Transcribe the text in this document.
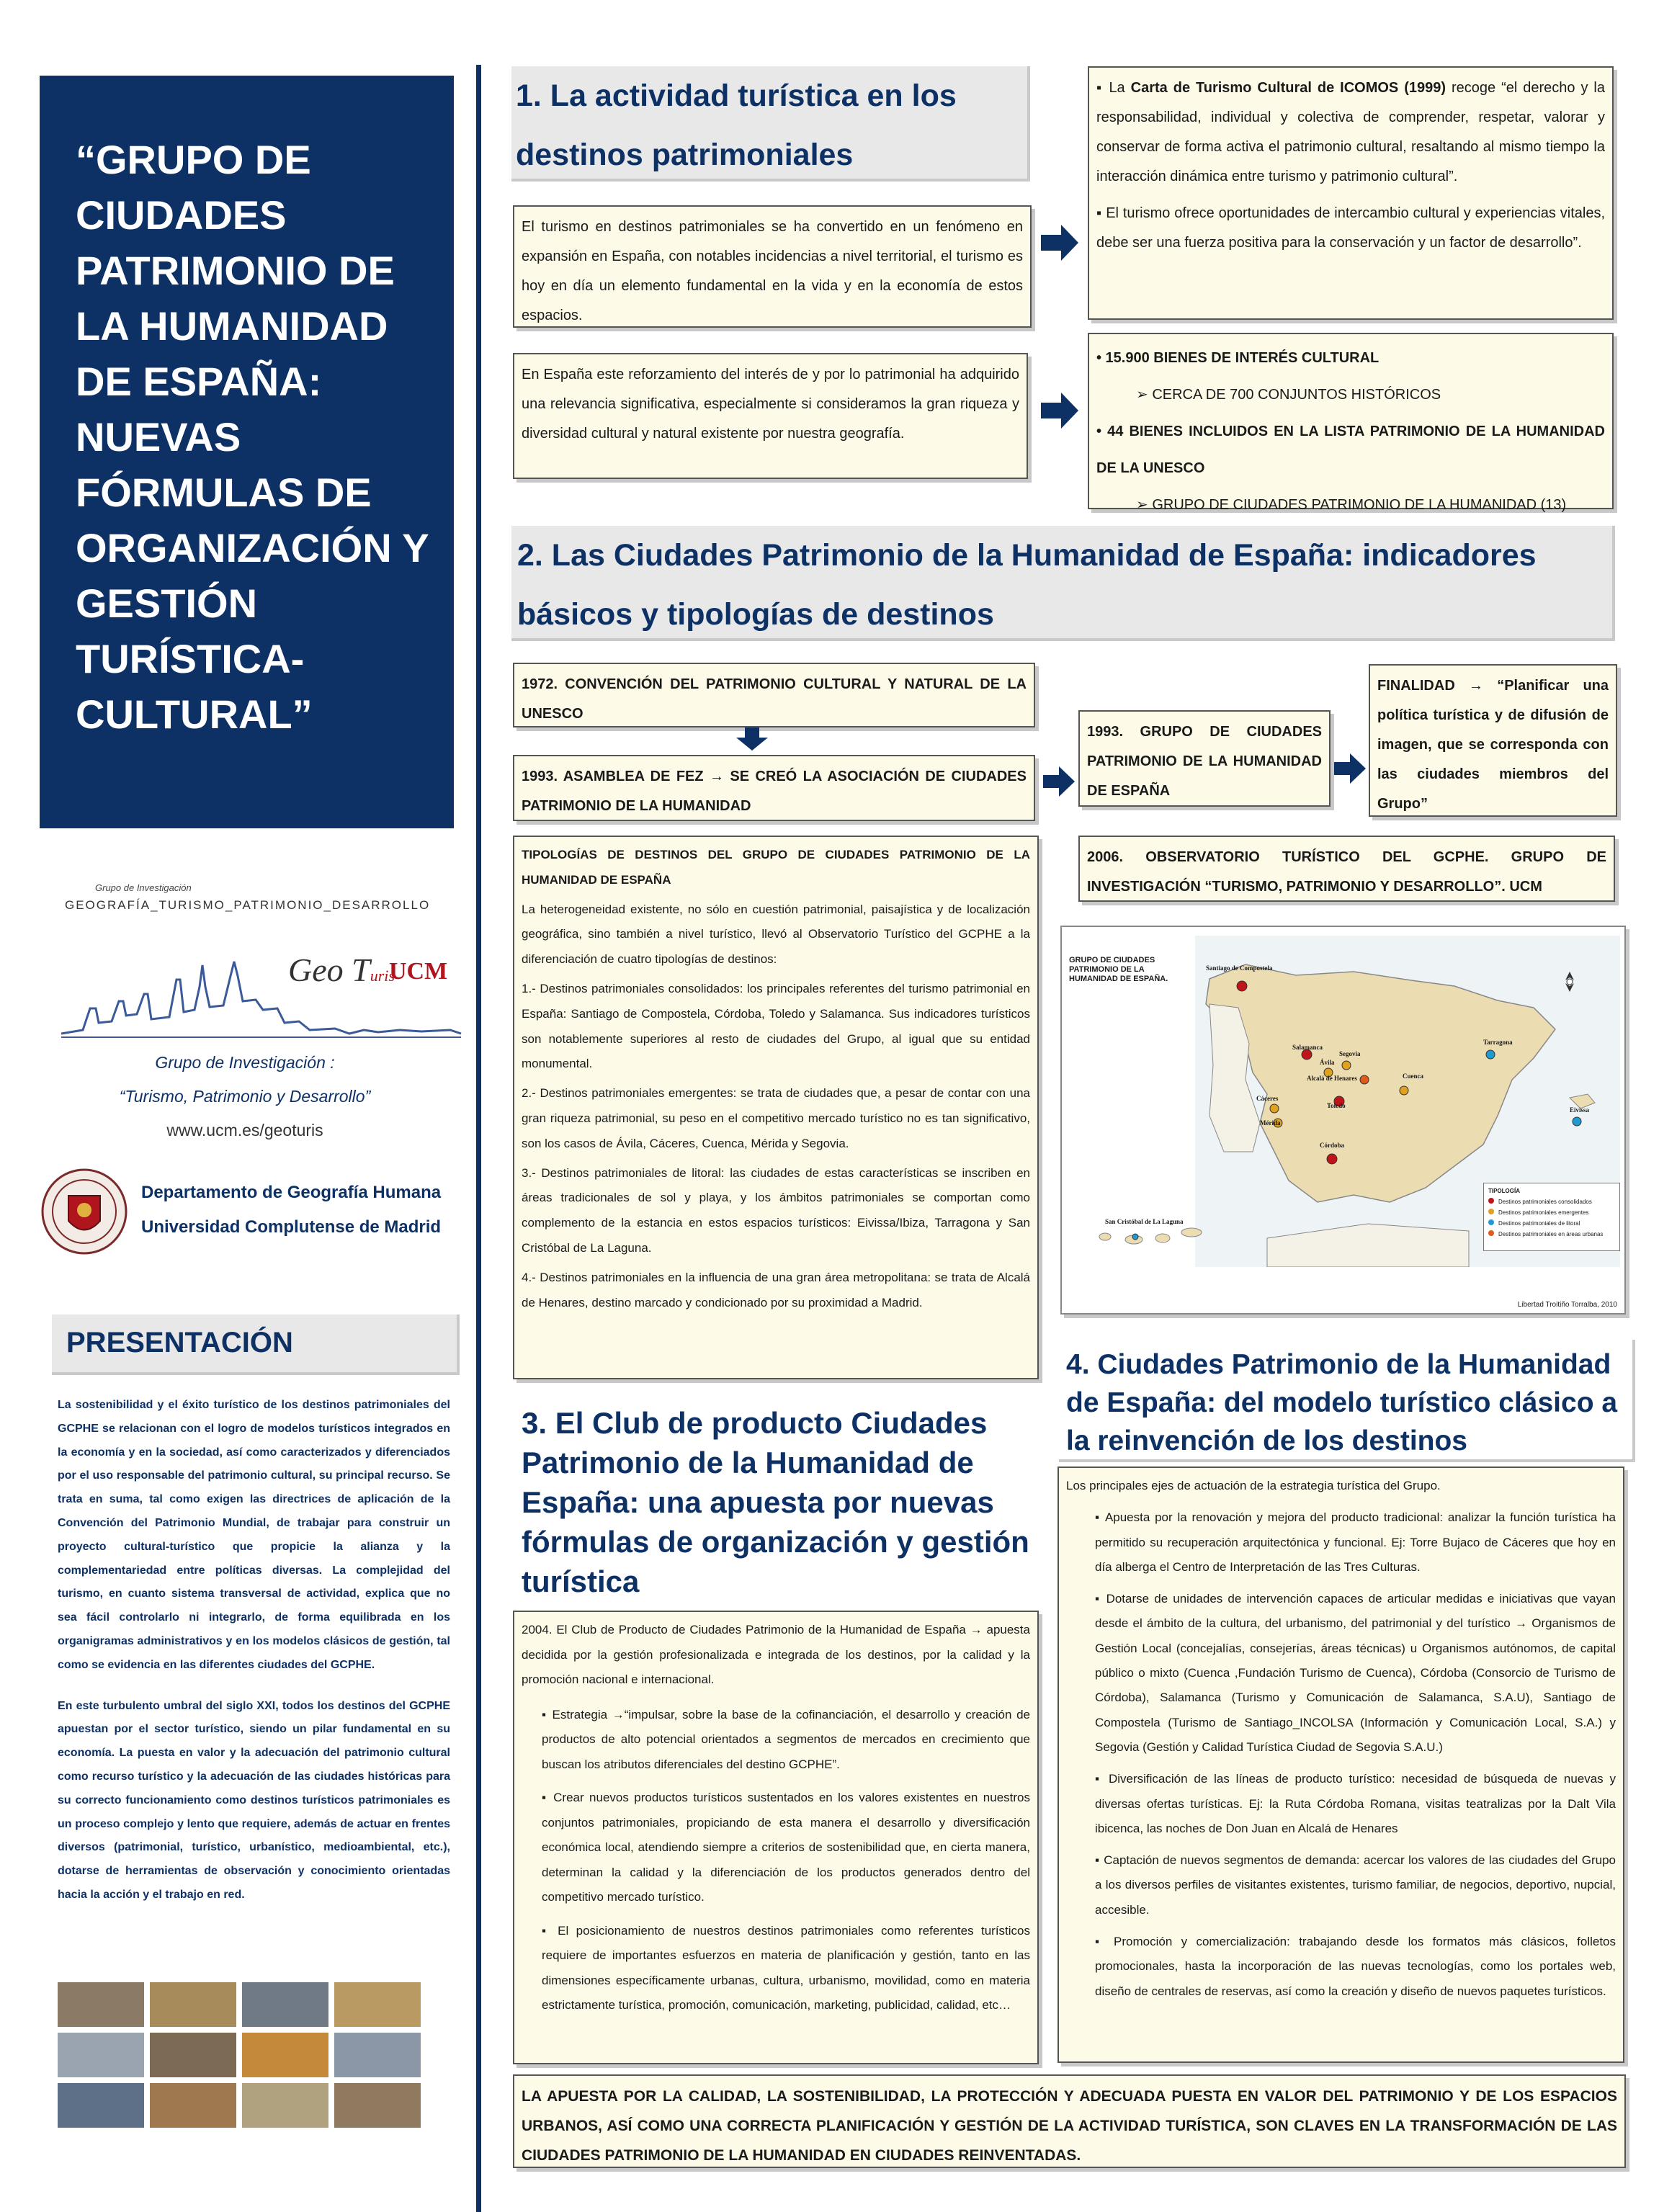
“GRUPO DE CIUDADES PATRIMONIO DE LA HUMANIDAD DE ESPAÑA: NUEVAS FÓRMULAS DE ORGANIZACIÓN Y GESTIÓN TURÍSTICA-CULTURAL”
Grupo de Investigación
GEOGRAFÍA_TURISMO_PATRIMONIO_DESARROLLO
Geo Turis
UCM
Grupo de Investigación :
“Turismo, Patrimonio y Desarrollo”
www.ucm.es/geoturis
Departamento de Geografía Humana
Universidad Complutense de Madrid
PRESENTACIÓN

La sostenibilidad y el éxito turístico de los destinos patrimoniales del GCPHE se relacionan con el logro de modelos turísticos integrados en la economía y en la sociedad, así como caracterizados y diferenciados por el uso responsable del patrimonio cultural, su principal recurso. Se trata en suma, tal como exigen las directrices de aplicación de la Convención del Patrimonio Mundial, de trabajar para construir un proyecto cultural-turístico que propicie la alianza y la complementariedad entre políticas diversas. La complejidad del turismo, en cuanto sistema transversal de actividad, explica que no sea fácil controlarlo ni integrarlo, de forma equilibrada en los organigramas administrativos y en los modelos clásicos de gestión, tal como se evidencia en las diferentes ciudades del GCPHE.

En este turbulento umbral del siglo XXI, todos los destinos del GCPHE apuestan por el sector turístico, siendo un pilar fundamental en su economía. La puesta en valor y la adecuación del patrimonio cultural como recurso turístico y la adecuación de las ciudades históricas para su correcto funcionamiento como destinos turísticos patrimoniales es un proceso complejo y lento que requiere, además de actuar en frentes diversos (patrimonial, turístico, urbanístico, medioambiental, etc.), dotarse de herramientas de observación y conocimiento orientadas hacia la acción y el trabajo en red.

1. La actividad turística en los destinos patrimoniales
El turismo en destinos patrimoniales se ha convertido en un fenómeno en expansión en España, con notables incidencias a nivel territorial, el turismo es hoy en día un elemento fundamental en la vida y en la economía de estos espacios.
En España este reforzamiento del interés de y por lo patrimonial ha adquirido una relevancia significativa, especialmente si consideramos la gran riqueza y diversidad cultural y natural existente por nuestra geografía.
▪ La Carta de Turismo Cultural de ICOMOS (1999) recoge “el derecho y la responsabilidad, individual y colectiva de comprender, respetar, valorar y conservar de forma activa el patrimonio cultural, resaltando al mismo tiempo la interacción dinámica entre turismo y patrimonio cultural”.
▪ El turismo ofrece oportunidades de intercambio cultural y experiencias vitales, debe ser una fuerza positiva para la conservación y un factor de desarrollo”.
• 15.900 BIENES DE INTERÉS CULTURAL
➢ CERCA DE 700 CONJUNTOS HISTÓRICOS
• 44 BIENES INCLUIDOS EN LA LISTA PATRIMONIO DE LA HUMANIDAD DE LA UNESCO
➢ GRUPO DE CIUDADES PATRIMONIO DE LA HUMANIDAD (13)
2. Las Ciudades Patrimonio de la Humanidad de España: indicadores básicos y tipologías de destinos
1972. CONVENCIÓN DEL PATRIMONIO CULTURAL Y NATURAL DE LA UNESCO
1993. ASAMBLEA DE FEZ → SE CREÓ LA ASOCIACIÓN DE CIUDADES PATRIMONIO DE LA HUMANIDAD
1993. GRUPO DE CIUDADES PATRIMONIO DE LA HUMANIDAD DE ESPAÑA
FINALIDAD → “Planificar una política turística y de difusión de imagen, que se corresponda con las ciudades miembros del Grupo”
2006. OBSERVATORIO TURÍSTICO DEL GCPHE. GRUPO DE INVESTIGACIÓN “TURISMO, PATRIMONIO Y DESARROLLO”. UCM
TIPOLOGÍAS DE DESTINOS DEL GRUPO DE CIUDADES PATRIMONIO DE LA HUMANIDAD DE ESPAÑA
La heterogeneidad existente, no sólo en cuestión patrimonial, paisajística y de localización geográfica, sino también a nivel turístico, llevó al Observatorio Turístico del GCPHE a la diferenciación de cuatro tipologías de destinos:
1.- Destinos patrimoniales consolidados: los principales referentes del turismo patrimonial en España: Santiago de Compostela, Córdoba, Toledo y Salamanca. Sus indicadores turísticos son notablemente superiores al resto de ciudades del Grupo, al igual que su entidad monumental.
2.- Destinos patrimoniales emergentes: se trata de ciudades que, a pesar de contar con una gran riqueza patrimonial, su peso en el competitivo mercado turístico no es tan significativo, son los casos de Ávila, Cáceres, Cuenca, Mérida y Segovia.
3.- Destinos patrimoniales de litoral: las ciudades de estas características se inscriben en áreas tradicionales de sol y playa, y los ámbitos patrimoniales se comportan como complemento de la estancia en estos espacios turísticos: Eivissa/Ibiza, Tarragona y San Cristóbal de La Laguna.
4.- Destinos patrimoniales en la influencia de una gran área metropolitana: se trata de Alcalá de Henares, destino marcado y condicionado por su proximidad a Madrid.
GRUPO DE CIUDADES PATRIMONIO DE LA HUMANIDAD DE ESPAÑA.
Santiago de Compostela
Salamanca
Ávila
Segovia
Alcalá de Henares
Toledo
Cuenca
Tarragona
Cáceres
Mérida
Córdoba
Eivissa
San Cristóbal de La Laguna
TIPOLOGÍA
Destinos patrimoniales consolidados
Destinos patrimoniales emergentes
Destinos patrimoniales de litoral
Destinos patrimoniales en áreas urbanas
Libertad Troitiño Torralba, 2010
3. El Club de producto Ciudades Patrimonio de la Humanidad de España: una apuesta por nuevas fórmulas de organización y gestión turística
2004. El Club de Producto de Ciudades Patrimonio de la Humanidad de España → apuesta decidida por la gestión profesionalizada e integrada de los destinos, por la calidad y la promoción nacional e internacional.
▪ Estrategia →“impulsar, sobre la base de la cofinanciación, el desarrollo y creación de productos de alto potencial orientados a segmentos de mercados en crecimiento que buscan los atributos diferenciales del destino GCPHE”.
▪ Crear nuevos productos turísticos sustentados en los valores existentes en nuestros conjuntos patrimoniales, propiciando de esta manera el desarrollo y diversificación económica local, atendiendo siempre a criterios de sostenibilidad que, en cierta manera, determinan la calidad y la diferenciación de los productos generados dentro del competitivo mercado turístico.
▪ El posicionamiento de nuestros destinos patrimoniales como referentes turísticos requiere de importantes esfuerzos en materia de planificación y gestión, tanto en las dimensiones específicamente urbanas, cultura, urbanismo, movilidad, como en materia estrictamente turística, promoción, comunicación, marketing, publicidad, calidad, etc…
4. Ciudades Patrimonio de la Humanidad de España: del modelo turístico clásico a la reinvención de los destinos
Los principales ejes de actuación de la estrategia turística del Grupo.
▪ Apuesta por la renovación y mejora del producto tradicional: analizar la función turística ha permitido su recuperación arquitectónica y funcional. Ej: Torre Bujaco de Cáceres que hoy en día alberga el Centro de Interpretación de las Tres Culturas.
▪ Dotarse de unidades de intervención capaces de articular medidas e iniciativas que vayan desde el ámbito de la cultura, del urbanismo, del patrimonial y del turístico → Organismos de Gestión Local (concejalías, consejerías, áreas técnicas) u Organismos autónomos, de capital público o mixto (Cuenca ,Fundación Turismo de Cuenca), Córdoba (Consorcio de Turismo de Córdoba), Salamanca (Turismo y Comunicación de Salamanca, S.A.U), Santiago de Compostela (Turismo de Santiago_INCOLSA (Información y Comunicación Local, S.A.) y Segovia (Gestión y Calidad Turística Ciudad de Segovia S.A.U.)
▪ Diversificación de las líneas de producto turístico: necesidad de búsqueda de nuevas y diversas ofertas turísticas. Ej: la Ruta Córdoba Romana, visitas teatralizas por la Dalt Vila ibicenca, las noches de Don Juan en Alcalá de Henares
▪ Captación de nuevos segmentos de demanda: acercar los valores de las ciudades del Grupo a los diversos perfiles de visitantes existentes, turismo familiar, de negocios, deportivo, nupcial, accesible.
▪ Promoción y comercialización: trabajando desde los formatos más clásicos, folletos promocionales, hasta la incorporación de las nuevas tecnologías, como los portales web, diseño de centrales de reservas, así como la creación y diseño de nuevos paquetes turísticos.
LA APUESTA POR LA CALIDAD, LA SOSTENIBILIDAD, LA PROTECCIÓN Y ADECUADA PUESTA EN VALOR DEL PATRIMONIO Y DE LOS ESPACIOS URBANOS, ASÍ COMO UNA CORRECTA PLANIFICACIÓN Y GESTIÓN DE LA ACTIVIDAD TURÍSTICA, SON CLAVES EN LA TRANSFORMACIÓN DE LAS CIUDADES PATRIMONIO DE LA HUMANIDAD EN CIUDADES REINVENTADAS.
